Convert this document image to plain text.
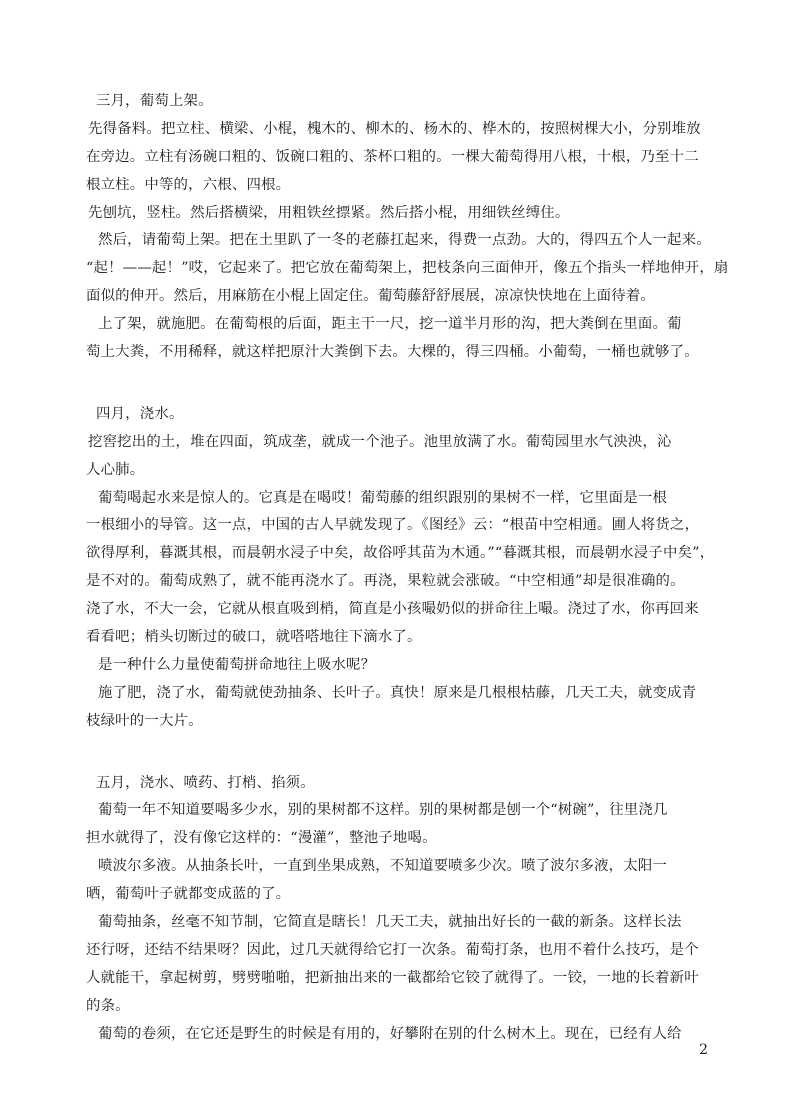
三月，葡萄上架。

先得备料。把立柱、横梁、小棍，槐木的、柳木的、杨木的、桦木的，按照树棵大小，分别堆放

在旁边。立柱有汤碗口粗的、饭碗口粗的、茶杯口粗的。一棵大葡萄得用八根，十根，乃至十二

根立柱。中等的，六根、四根。

先刨坑，竖柱。然后搭横梁，用粗铁丝摽紧。然后搭小棍，用细铁丝缚住。

然后，请葡萄上架。把在土里趴了一冬的老藤扛起来，得费一点劲。大的，得四五个人一起来。

“起！——起！”哎，它起来了。把它放在葡萄架上，把枝条向三面伸开，像五个指头一样地伸开，扇

面似的伸开。然后，用麻筋在小棍上固定住。葡萄藤舒舒展展，凉凉快快地在上面待着。

上了架，就施肥。在葡萄根的后面，距主干一尺，挖一道半月形的沟，把大粪倒在里面。葡

萄上大粪，不用稀释，就这样把原汁大粪倒下去。大棵的，得三四桶。小葡萄，一桶也就够了。

四月，浇水。

挖窖挖出的土，堆在四面，筑成垄，就成一个池子。池里放满了水。葡萄园里水气泱泱，沁

人心肺。

葡萄喝起水来是惊人的。它真是在喝哎！葡萄藤的组织跟别的果树不一样，它里面是一根

一根细小的导管。这一点，中国的古人早就发现了。《图经》云：“根苗中空相通。圃人将货之，

欲得厚利，暮溉其根，而晨朝水浸子中矣，故俗呼其苗为木通。”“暮溉其根，而晨朝水浸子中矣”，

是不对的。葡萄成熟了，就不能再浇水了。再浇，果粒就会涨破。“中空相通”却是很准确的。

浇了水，不大一会，它就从根直吸到梢，简直是小孩嘬奶似的拼命往上嘬。浇过了水，你再回来

看看吧；梢头切断过的破口，就嗒嗒地往下滴水了。

是一种什么力量使葡萄拼命地往上吸水呢？

施了肥，浇了水，葡萄就使劲抽条、长叶子。真快！原来是几根根枯藤，几天工夫，就变成青

枝绿叶的一大片。

五月，浇水、喷药、打梢、掐须。

葡萄一年不知道要喝多少水，别的果树都不这样。别的果树都是刨一个“树碗”，往里浇几

担水就得了，没有像它这样的：“漫灌”，整池子地喝。

喷波尔多液。从抽条长叶，一直到坐果成熟，不知道要喷多少次。喷了波尔多液，太阳一

晒，葡萄叶子就都变成蓝的了。

葡萄抽条，丝毫不知节制，它简直是瞎长！几天工夫，就抽出好长的一截的新条。这样长法

还行呀，还结不结果呀？因此，过几天就得给它打一次条。葡萄打条，也用不着什么技巧，是个

人就能干，拿起树剪，劈劈啪啪，把新抽出来的一截都给它铰了就得了。一铰，一地的长着新叶

的条。

葡萄的卷须，在它还是野生的时候是有用的，好攀附在别的什么树木上。现在，已经有人给

2
